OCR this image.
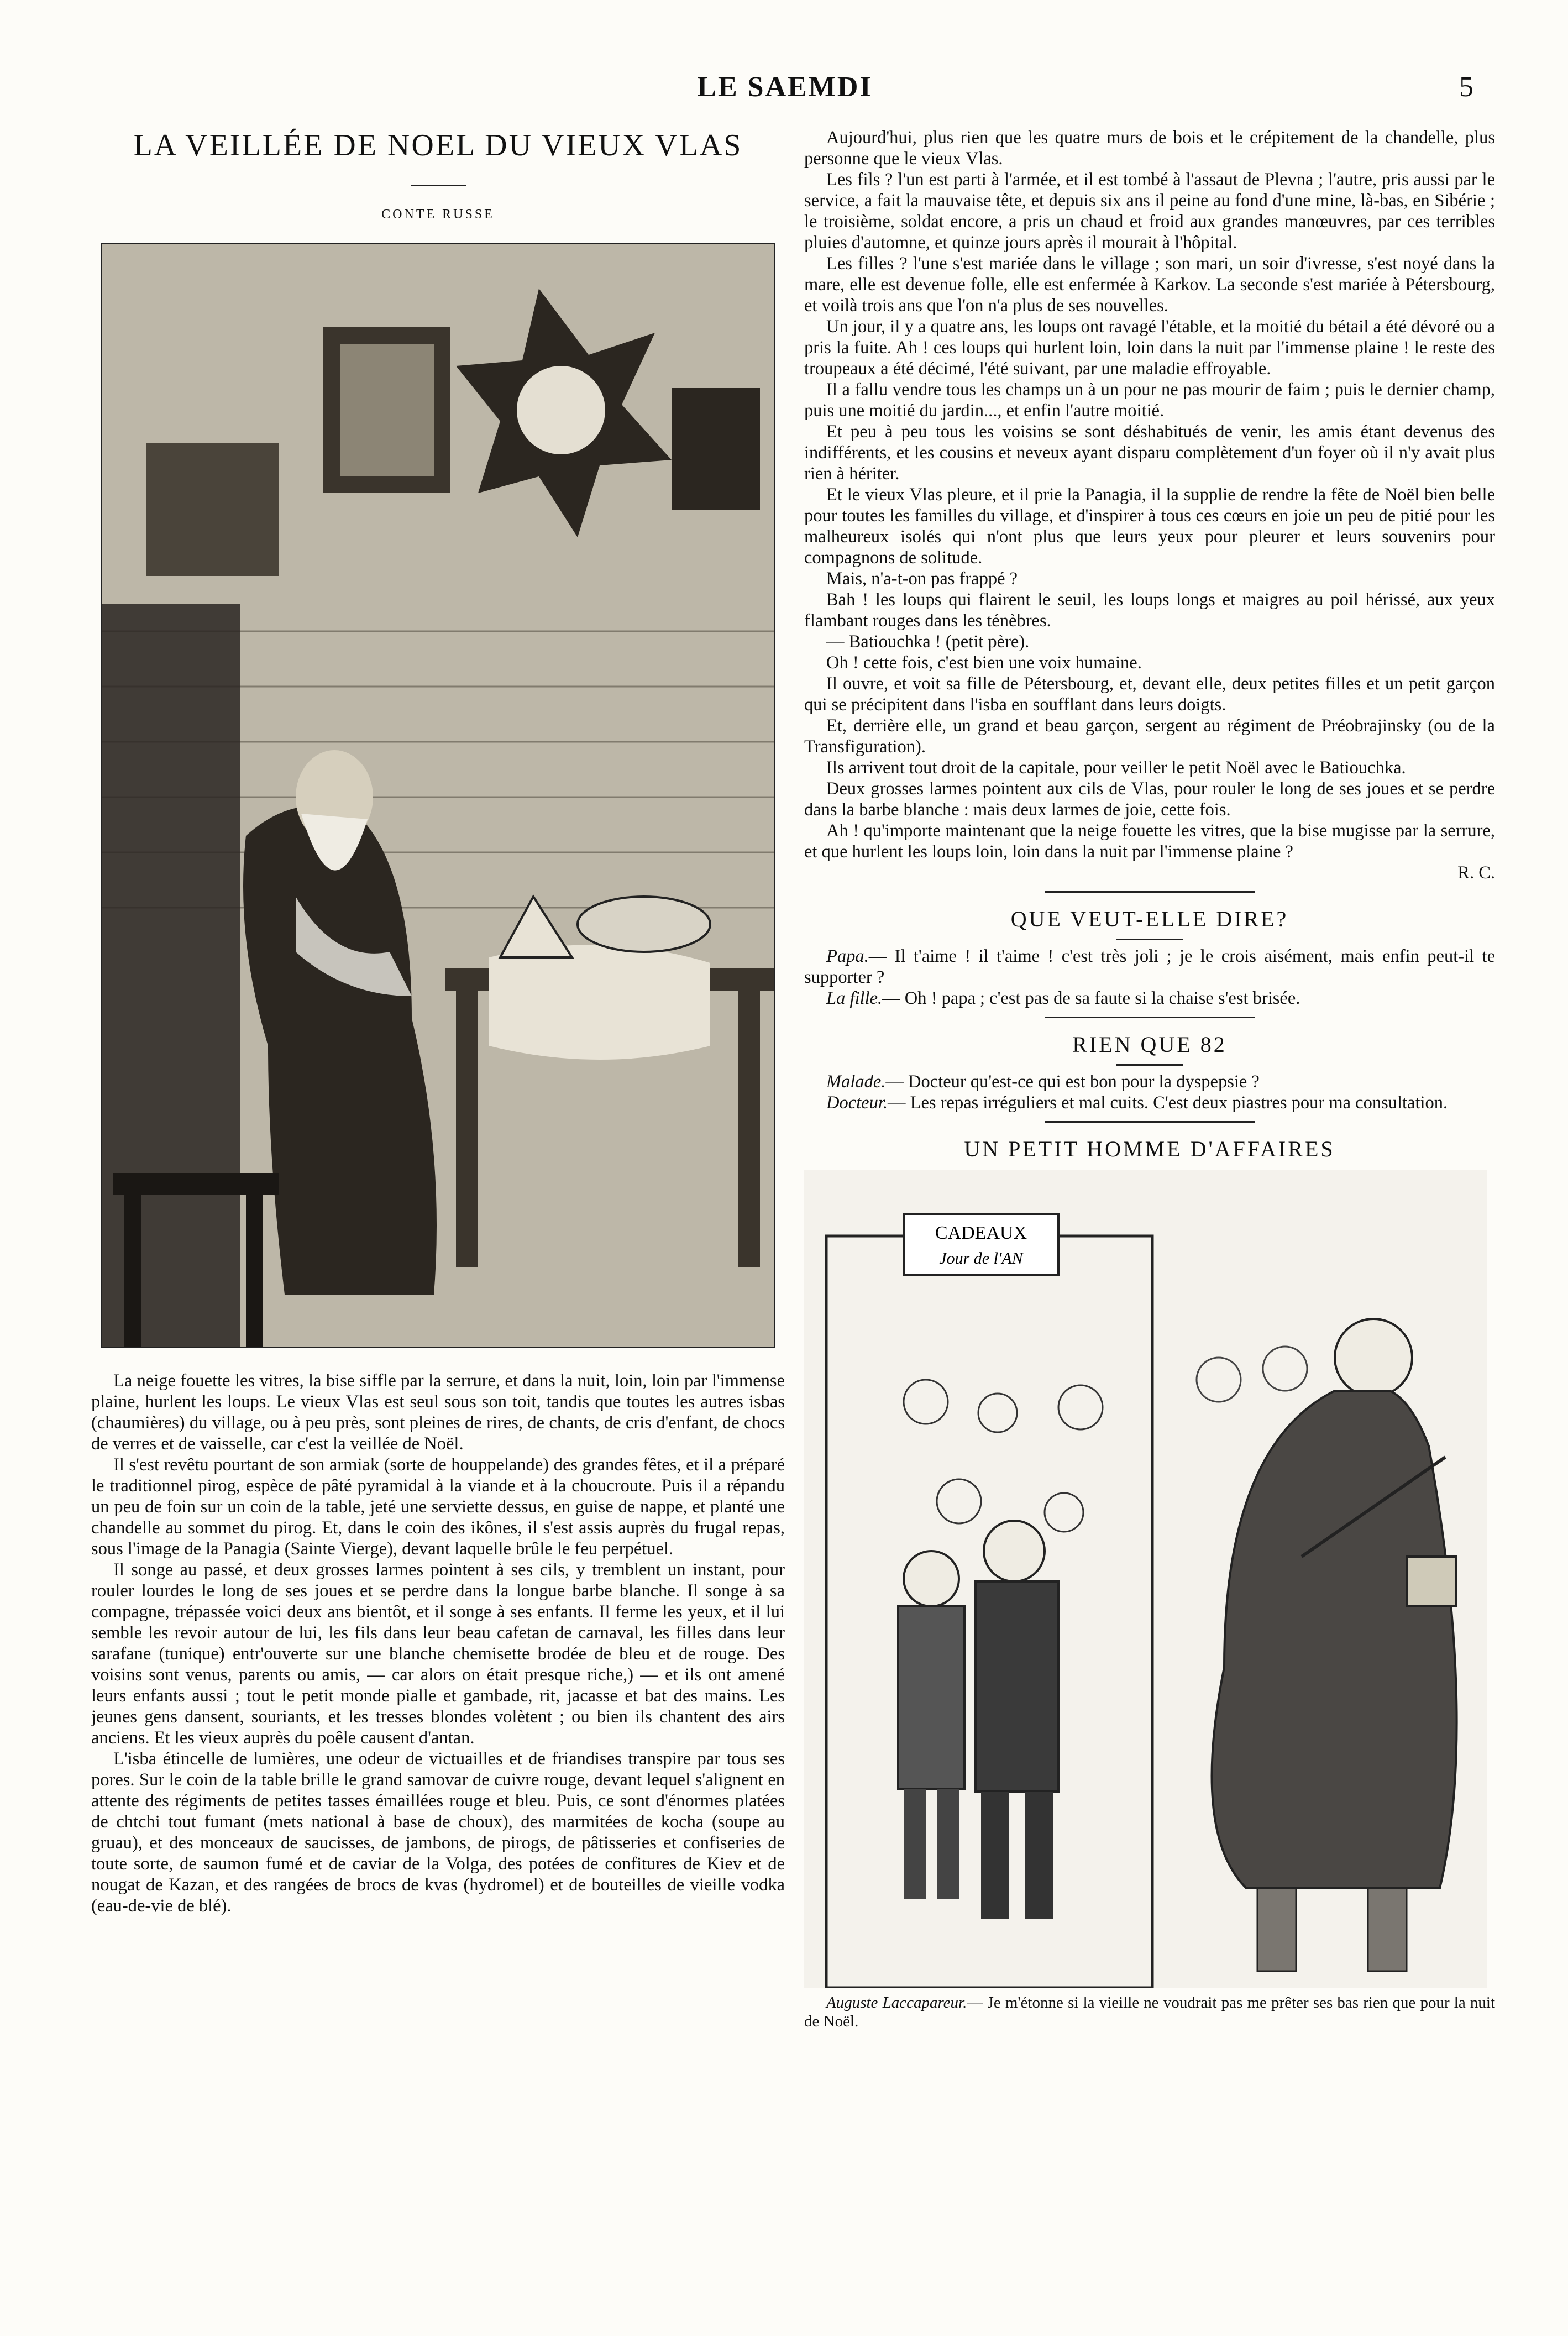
LE SAEMDI	5
LA VEILLÉE DE NOEL DU VIEUX VLAS
CONTE RUSSE

La neige fouette les vitres, la bise siffle par la serrure, et dans la nuit, loin, loin par l'immense plaine, hurlent les loups. Le vieux Vlas est seul sous son toit, tandis que toutes les autres isbas (chaumières) du village, ou à peu près, sont pleines de rires, de chants, de cris d'enfant, de chocs de verres et de vaisselle, car c'est la veillée de Noël.

Il s'est revêtu pourtant de son armiak (sorte de houppelande) des grandes fêtes, et il a préparé le traditionnel pirog, espèce de pâté pyramidal à la viande et à la choucroute. Puis il a répandu un peu de foin sur un coin de la table, jeté une serviette dessus, en guise de nappe, et planté une chandelle au sommet du pirog. Et, dans le coin des ikônes, il s'est assis auprès du frugal repas, sous l'image de la Panagia (Sainte Vierge), devant laquelle brûle le feu perpétuel.

Il songe au passé, et deux grosses larmes pointent à ses cils, y tremblent un instant, pour rouler lourdes le long de ses joues et se perdre dans la longue barbe blanche. Il songe à sa compagne, trépassée voici deux ans bientôt, et il songe à ses enfants. Il ferme les yeux, et il lui semble les revoir autour de lui, les fils dans leur beau cafetan de carnaval, les filles dans leur sarafane (tunique) entr'ouverte sur une blanche chemisette brodée de bleu et de rouge. Des voisins sont venus, parents ou amis, — car alors on était presque riche,) — et ils ont amené leurs enfants aussi ; tout le petit monde pialle et gambade, rit, jacasse et bat des mains. Les jeunes gens dansent, souriants, et les tresses blondes volètent ; ou bien ils chantent des airs anciens. Et les vieux auprès du poêle causent d'antan.

L'isba étincelle de lumières, une odeur de victuailles et de friandises transpire par tous ses pores. Sur le coin de la table brille le grand samovar de cuivre rouge, devant lequel s'alignent en attente des régiments de petites tasses émaillées rouge et bleu. Puis, ce sont d'énormes platées de chtchi tout fumant (mets national à base de choux), des marmitées de kocha (soupe au gruau), et des monceaux de saucisses, de jambons, de pirogs, de pâtisseries et confiseries de toute sorte, de saumon fumé et de caviar de la Volga, des potées de confitures de Kiev et de nougat de Kazan, et des rangées de brocs de kvas (hydromel) et de bouteilles de vieille vodka (eau-de-vie de blé).

Aujourd'hui, plus rien que les quatre murs de bois et le crépitement de la chandelle, plus personne que le vieux Vlas.

Les fils ? l'un est parti à l'armée, et il est tombé à l'assaut de Plevna ; l'autre, pris aussi par le service, a fait la mauvaise tête, et depuis six ans il peine au fond d'une mine, là-bas, en Sibérie ; le troisième, soldat encore, a pris un chaud et froid aux grandes manœuvres, par ces terribles pluies d'automne, et quinze jours après il mourait à l'hôpital.

Les filles ? l'une s'est mariée dans le village ; son mari, un soir d'ivresse, s'est noyé dans la mare, elle est devenue folle, elle est enfermée à Karkov. La seconde s'est mariée à Pétersbourg, et voilà trois ans que l'on n'a plus de ses nouvelles.

Un jour, il y a quatre ans, les loups ont ravagé l'étable, et la moitié du bétail a été dévoré ou a pris la fuite. Ah ! ces loups qui hurlent loin, loin dans la nuit par l'immense plaine ! le reste des troupeaux a été décimé, l'été suivant, par une maladie effroyable.

Il a fallu vendre tous les champs un à un pour ne pas mourir de faim ; puis le dernier champ, puis une moitié du jardin..., et enfin l'autre moitié.

Et peu à peu tous les voisins se sont déshabitués de venir, les amis étant devenus des indifférents, et les cousins et neveux ayant disparu complètement d'un foyer où il n'y avait plus rien à hériter.

Et le vieux Vlas pleure, et il prie la Panagia, il la supplie de rendre la fête de Noël bien belle pour toutes les familles du village, et d'inspirer à tous ces cœurs en joie un peu de pitié pour les malheureux isolés qui n'ont plus que leurs yeux pour pleurer et leurs souvenirs pour compagnons de solitude.

Mais, n'a-t-on pas frappé ?

Bah ! les loups qui flairent le seuil, les loups longs et maigres au poil hérissé, aux yeux flambant rouges dans les ténèbres.

— Batiouchka ! (petit père).

Oh ! cette fois, c'est bien une voix humaine.

Il ouvre, et voit sa fille de Pétersbourg, et, devant elle, deux petites filles et un petit garçon qui se précipitent dans l'isba en soufflant dans leurs doigts.

Et, derrière elle, un grand et beau garçon, sergent au régiment de Préobrajinsky (ou de la Transfiguration).

Ils arrivent tout droit de la capitale, pour veiller le petit Noël avec le Batiouchka.

Deux grosses larmes pointent aux cils de Vlas, pour rouler le long de ses joues et se perdre dans la barbe blanche : mais deux larmes de joie, cette fois.

Ah ! qu'importe maintenant que la neige fouette les vitres, que la bise mugisse par la serrure, et que hurlent les loups loin, loin dans la nuit par l'immense plaine ?

R. C.
QUE VEUT-ELLE DIRE?

Papa.— Il t'aime ! il t'aime ! c'est très joli ; je le crois aisément, mais enfin peut-il te supporter ?

La fille.— Oh ! papa ; c'est pas de sa faute si la chaise s'est brisée.

RIEN QUE 82

Malade.— Docteur qu'est-ce qui est bon pour la dyspepsie ?

Docteur.— Les repas irréguliers et mal cuits. C'est deux piastres pour ma consultation.

UN PETIT HOMME D'AFFAIRES
CADEAUX
Jour de l'AN
Auguste Laccapareur.— Je m'étonne si la vieille ne voudrait pas me prêter ses bas rien que pour la nuit de Noël.
